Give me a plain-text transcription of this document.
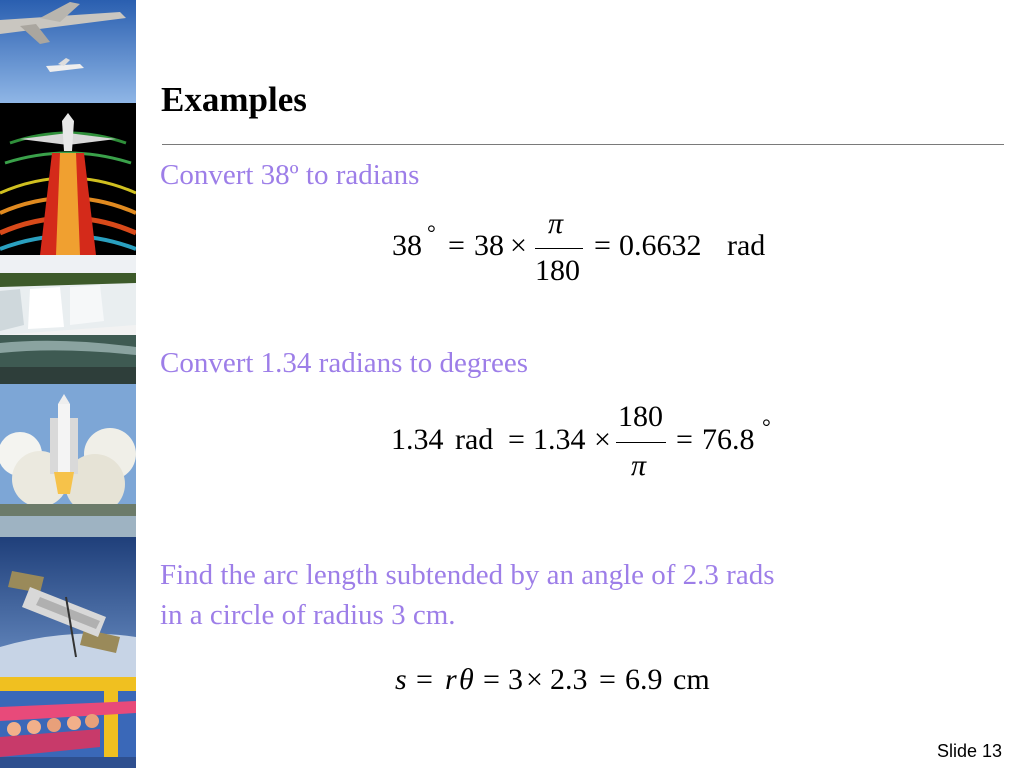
Examples
Convert 38º to radians
38 ° = 38 ×
π
180
= 0.6632 rad
Convert 1.34 radians to degrees
1.34 rad = 1.34 ×
180
π
= 76.8 °
Find the arc length subtended by an angle of 2.3 rads
in a circle of radius 3 cm.
s = r θ = 3 × 2.3 = 6.9 cm
Slide 13
